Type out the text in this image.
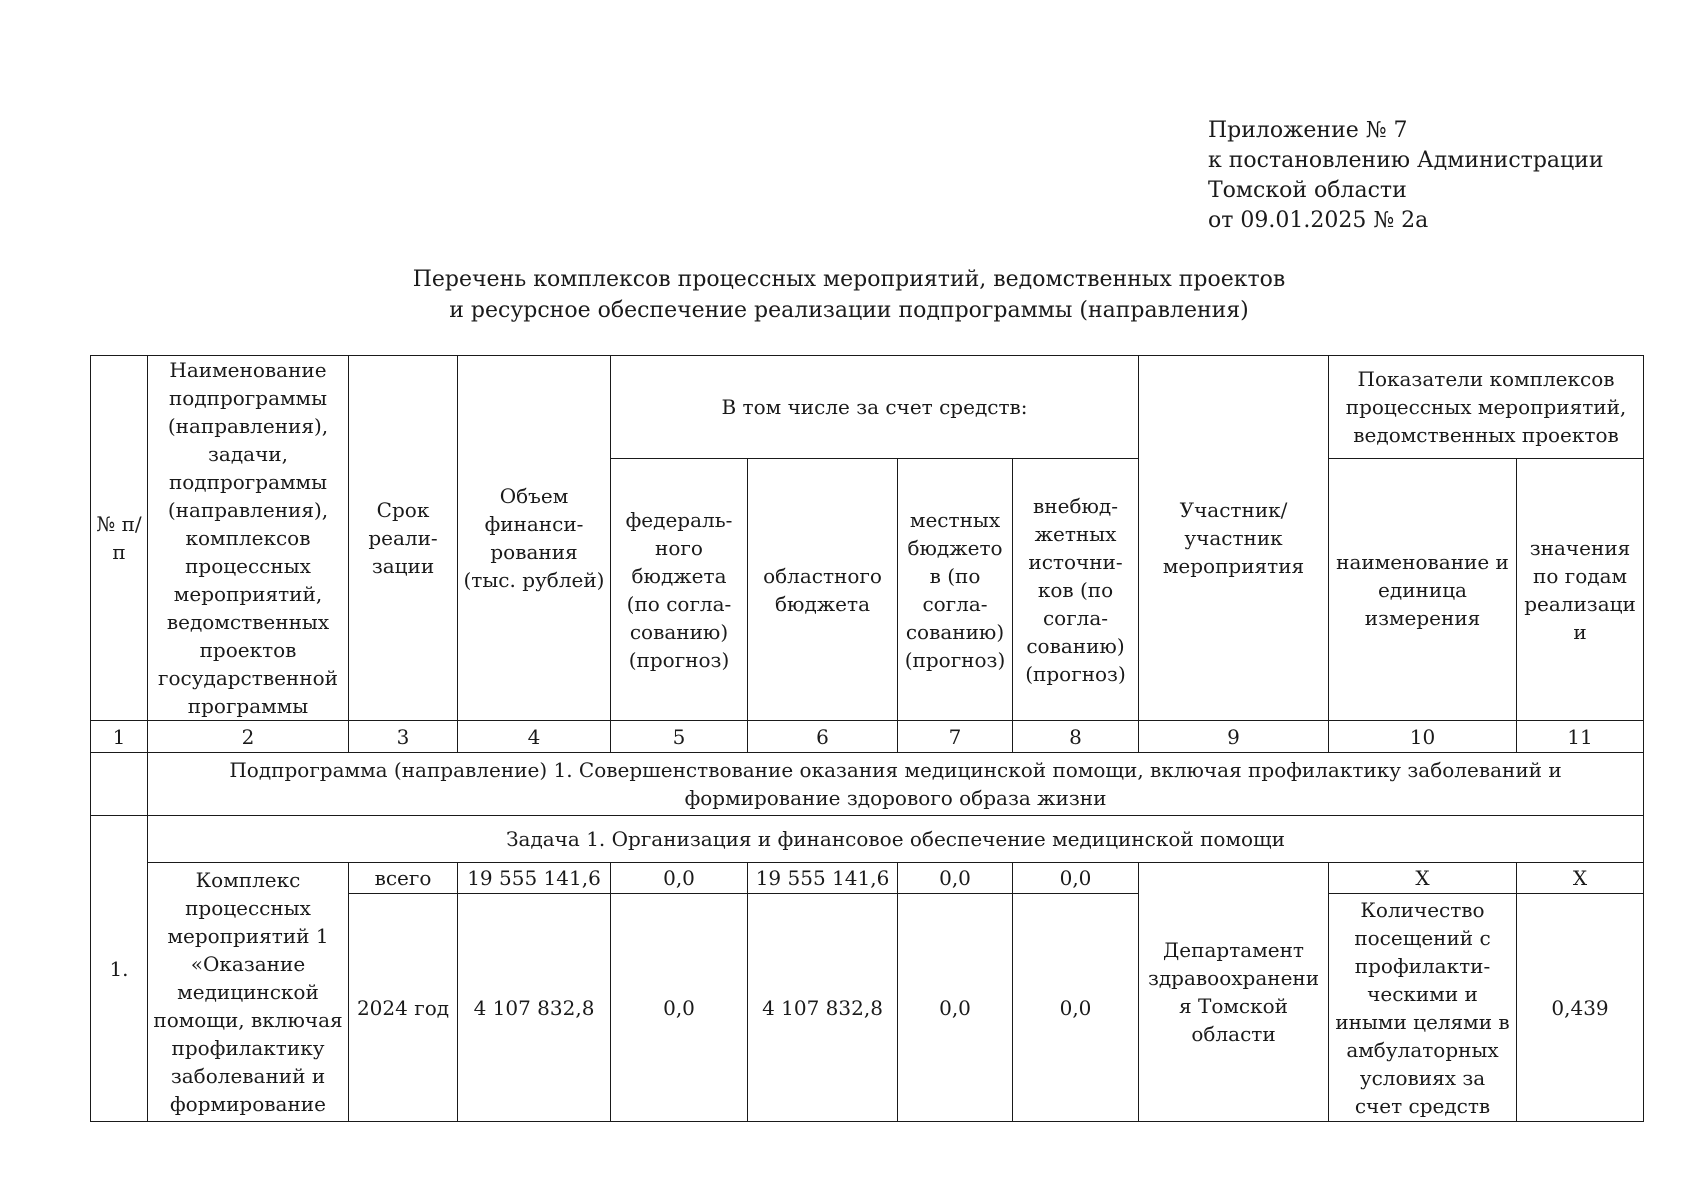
Приложение № 7
к постановлению Администрации
Томской области
от 09.01.2025 № 2а
Перечень комплексов процессных мероприятий, ведомственных проектов
и ресурсное обеспечение реализации подпрограммы (направления)
№ п/п	Наименование подпрограммы (направления), задачи, подпрограммы (направления), комплексов процессных мероприятий, ведомственных проектов государственной программы	Срок реали-зации	Объем финанси-рования (тыс. рублей)	В том числе за счет средств:				Участник/ участник мероприятия	Показатели комплексов процессных мероприятий, ведомственных проектов	
				федераль-ного бюджета (по согла-сованию) (прогноз)	областного бюджета	местных бюджетов (по согла-сованию) (прогноз)	внебюд-жетных источни-ков (по согла-сованию) (прогноз)		наименование и единица измерения	значения по годам реализации
1	2	3	4	5	6	7	8	9	10	11
	Подпрограмма (направление) 1. Совершенствование оказания медицинской помощи, включая профилактику заболеваний и формирование здорового образа жизни									
1.	Задача 1. Организация и финансовое обеспечение медицинской помощи									
	Комплекс процессных мероприятий 1 «Оказание медицинской помощи, включая профилактику заболеваний и формирование	всего	19 555 141,6	0,0	19 555 141,6	0,0	0,0	Департамент здравоохранения Томской области	Х	Х
		2024 год	4 107 832,8	0,0	4 107 832,8	0,0	0,0		Количество посещений с профилакти-ческими и иными целями в амбулаторных условиях за счет средств	0,439
